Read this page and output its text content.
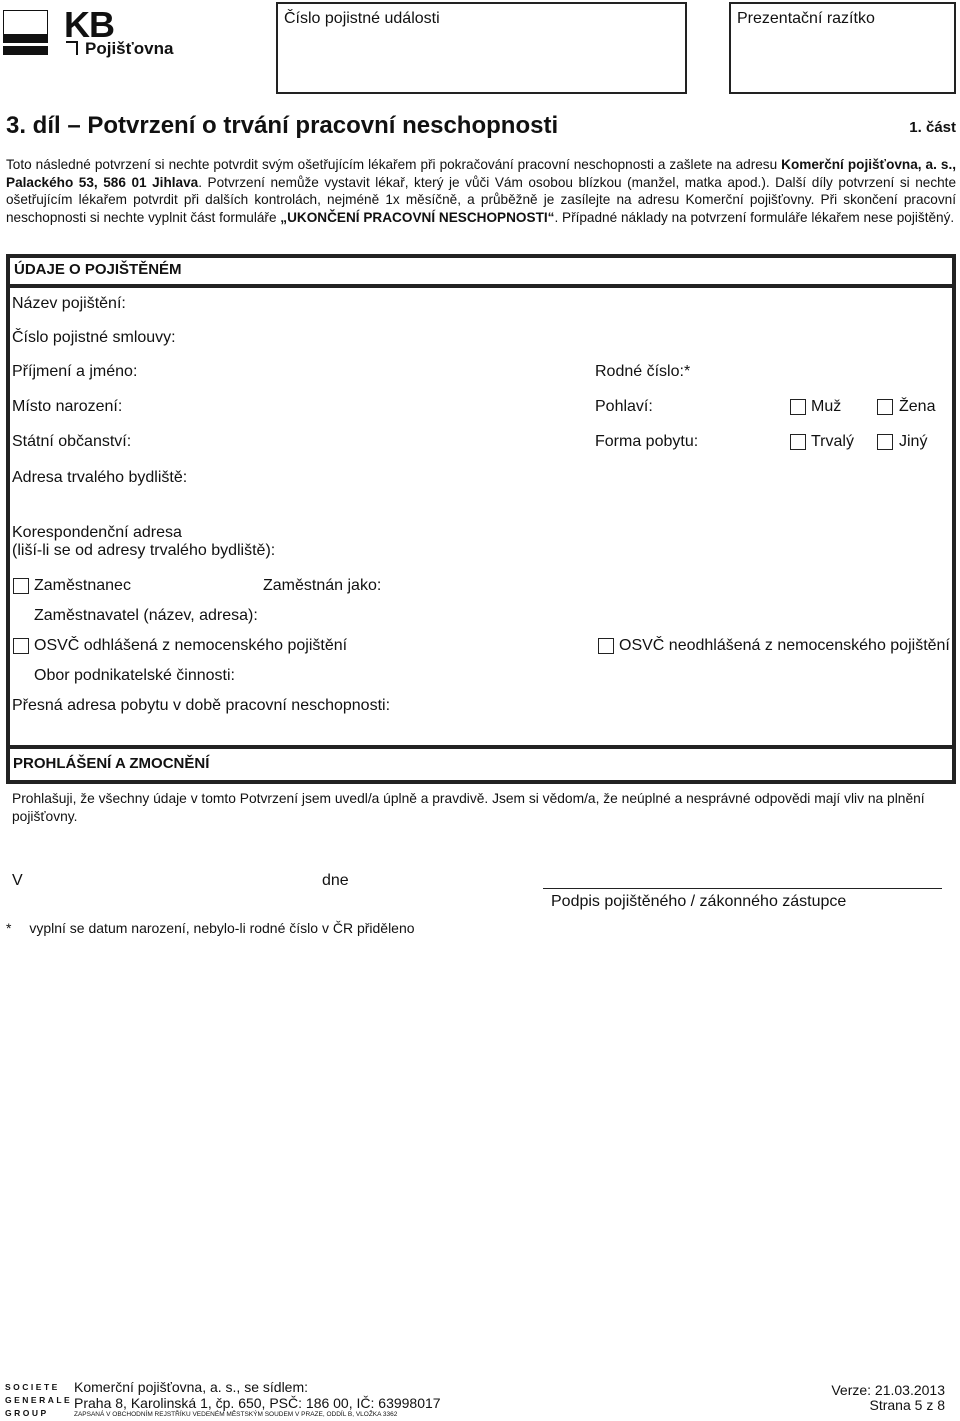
KB
Pojišťovna
Číslo pojistné události	Prezentační razítko
3. díl – Potvrzení o trvání pracovní neschopnosti	1. část
Toto následné potvrzení si nechte potvrdit svým ošetřujícím lékařem při pokračování pracovní neschopnosti a zašlete na adresu Komerční pojišťovna, a. s., Palackého 53, 586 01 Jihlava. Potvrzení nemůže vystavit lékař, který je vůči Vám osobou blízkou (manžel, matka apod.). Další díly potvrzení si nechte ošetřujícím lékařem potvrdit při dalších kontrolách, nejméně 1x měsíčně, a průběžně je zasílejte na adresu Komerční pojišťovny. Při skončení pracovní neschopnosti si nechte vyplnit část formuláře „UKONČENÍ PRACOVNÍ NESCHOPNOSTI“. Případné náklady na potvrzení formuláře lékařem nese pojištěný.
ÚDAJE O POJIŠTĚNÉM
Název pojištění:
Číslo pojistné smlouvy:
Příjmení a jméno:	Rodné číslo:*
Místo narození:	Pohlaví:	Muž	Žena
Státní občanství:	Forma pobytu:	Trvalý	Jiný
Adresa trvalého bydliště:
Korespondenční adresa
(liší-li se od adresy trvalého bydliště):
Zaměstnanec	Zaměstnán jako:
Zaměstnavatel (název, adresa):
OSVČ odhlášená z nemocenského pojištění	OSVČ neodhlášená z nemocenského pojištění
Obor podnikatelské činnosti:
Přesná adresa pobytu v době pracovní neschopnosti:
PROHLÁŠENÍ A ZMOCNĚNÍ
Prohlašuji, že všechny údaje v tomto Potvrzení jsem uvedl/a úplně a pravdivě. Jsem si vědom/a, že neúplné a nesprávné odpovědi mají vliv na plnění pojišťovny.
V	dne
Podpis pojištěného / zákonného zástupce
* vyplní se datum narození, nebylo-li rodné číslo v ČR přiděleno
SOCIETE
GENERALE
GROUP
Komerční pojišťovna, a. s., se sídlem:
Praha 8, Karolinská 1, čp. 650, PSČ: 186 00, IČ: 63998017
ZAPSANÁ V OBCHODNÍM REJSTŘÍKU VEDENÉM MĚSTSKÝM SOUDEM V PRAZE, ODDÍL B, VLOŽKA 3362
Verze: 21.03.2013
Strana 5 z 8
